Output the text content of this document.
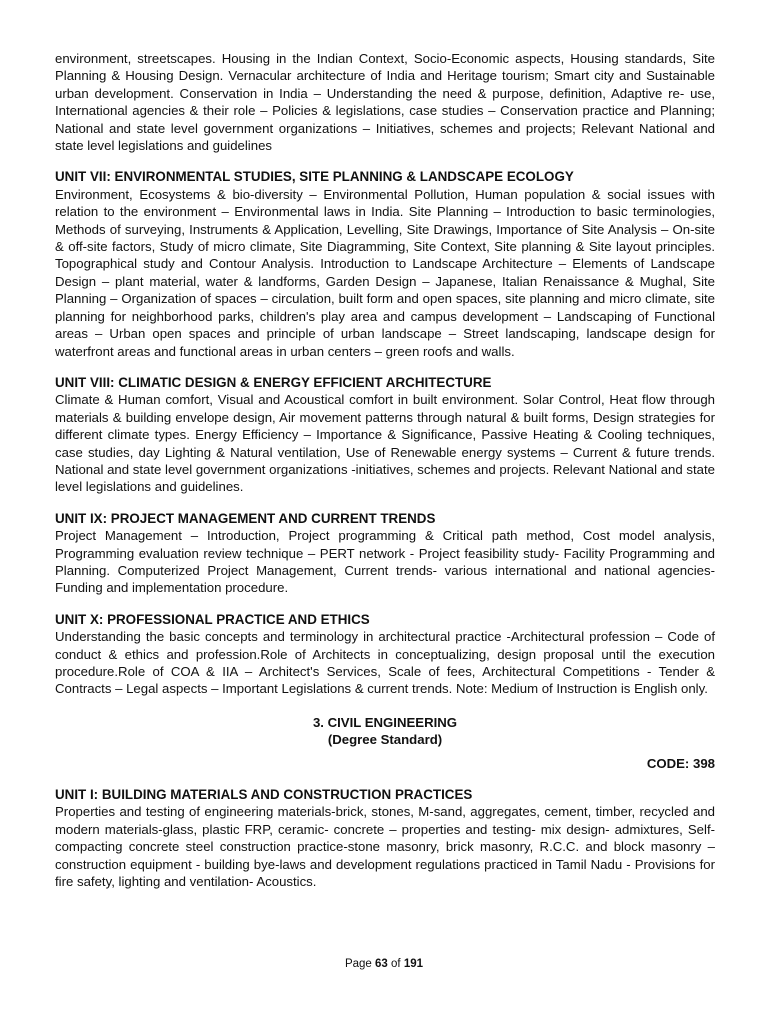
environment, streetscapes. Housing in the Indian Context, Socio-Economic aspects, Housing standards, Site Planning & Housing Design. Vernacular architecture of India and Heritage tourism; Smart city and Sustainable urban development. Conservation in India – Understanding the need & purpose, definition, Adaptive re- use, International agencies & their role – Policies & legislations, case studies – Conservation practice and Planning; National and state level government organizations – Initiatives, schemes and projects; Relevant National and state level legislations and guidelines

UNIT VII: ENVIRONMENTAL STUDIES, SITE PLANNING & LANDSCAPE ECOLOGY

Environment, Ecosystems & bio-diversity – Environmental Pollution, Human population & social issues with relation to the environment – Environmental laws in India. Site Planning – Introduction to basic terminologies, Methods of surveying, Instruments & Application, Levelling, Site Drawings, Importance of Site Analysis – On-site & off-site factors, Study of micro climate, Site Diagramming, Site Context, Site planning & Site layout principles. Topographical study and Contour Analysis. Introduction to Landscape Architecture – Elements of Landscape Design – plant material, water & landforms, Garden Design – Japanese, Italian Renaissance & Mughal, Site Planning – Organization of spaces – circulation, built form and open spaces, site planning and micro climate, site planning for neighborhood parks, children's play area and campus development – Landscaping of Functional areas – Urban open spaces and principle of urban landscape – Street landscaping, landscape design for waterfront areas and functional areas in urban centers – green roofs and walls.

UNIT VIII: CLIMATIC DESIGN & ENERGY EFFICIENT ARCHITECTURE

Climate & Human comfort, Visual and Acoustical comfort in built environment. Solar Control, Heat flow through materials & building envelope design, Air movement patterns through natural & built forms, Design strategies for different climate types. Energy Efficiency – Importance & Significance, Passive Heating & Cooling techniques, case studies, day Lighting & Natural ventilation, Use of Renewable energy systems – Current & future trends. National and state level government organizations -initiatives, schemes and projects. Relevant National and state level legislations and guidelines.

UNIT IX: PROJECT MANAGEMENT AND CURRENT TRENDS

Project Management – Introduction, Project programming & Critical path method, Cost model analysis, Programming evaluation review technique – PERT network - Project feasibility study- Facility Programming and Planning. Computerized Project Management, Current trends- various international and national agencies- Funding and implementation procedure.

UNIT X: PROFESSIONAL PRACTICE AND ETHICS

Understanding the basic concepts and terminology in architectural practice -Architectural profession – Code of conduct & ethics and profession.Role of Architects in conceptualizing, design proposal until the execution procedure.Role of COA & IIA – Architect's Services, Scale of fees, Architectural Competitions - Tender & Contracts – Legal aspects – Important Legislations & current trends. Note: Medium of Instruction is English only.

3. CIVIL ENGINEERING
(Degree Standard)
CODE: 398

UNIT I: BUILDING MATERIALS AND CONSTRUCTION PRACTICES

Properties and testing of engineering materials-brick, stones, M-sand, aggregates, cement, timber, recycled and modern materials-glass, plastic FRP, ceramic- concrete – properties and testing- mix design- admixtures, Self-compacting concrete steel construction practice-stone masonry, brick masonry, R.C.C. and block masonry – construction equipment - building bye-laws and development regulations practiced in Tamil Nadu - Provisions for fire safety, lighting and ventilation- Acoustics.

Page 63 of 191
